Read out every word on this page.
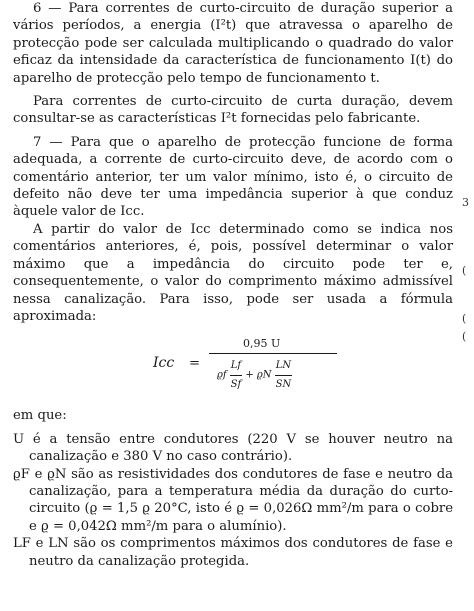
6 — Para correntes de curto-circuito de duração superior a vários períodos, a energia (I²t) que atravessa o aparelho de protecção pode ser calculada multiplicando o quadrado do valor eficaz da intensidade da característica de funcionamento I(t) do aparelho de protecção pelo tempo de funcionamento t.

Para correntes de curto-circuito de curta duração, devem consultar-se as características I²t fornecidas pelo fabricante.

7 — Para que o aparelho de protecção funcione de forma adequada, a corrente de curto-circuito deve, de acordo com o comentário anterior, ter um valor mínimo, isto é, o circuito de defeito não deve ter uma impedância superior à que conduz àquele valor de Icc.

A partir do valor de Icc determinado como se indica nos comentários anteriores, é, pois, possível determinar o valor máximo que a impedância do circuito pode ter e, consequentemente, o valor do comprimento máximo admissível nessa canalização. Para isso, pode ser usada a fórmula aproximada:

Icc =
0,95 U
ϱf $\frac{Lf}{Sf} + ϱN \frac{LN}{SN}$

em que:

U é a tensão entre condutores (220 V se houver neutro na canalização e 380 V no caso contrário).

ϱF e ϱN são as resistividades dos condutores de fase e neutro da canalização, para a temperatura média da duração do curto-circuito (ϱ = 1,5 ϱ 20°C, isto é ϱ = 0,026Ω mm²/m para o cobre e ϱ = 0,042Ω mm²/m para o alumínio).

LF e LN são os comprimentos máximos dos condutores de fase e neutro da canalização protegida.

3
(
(
(
